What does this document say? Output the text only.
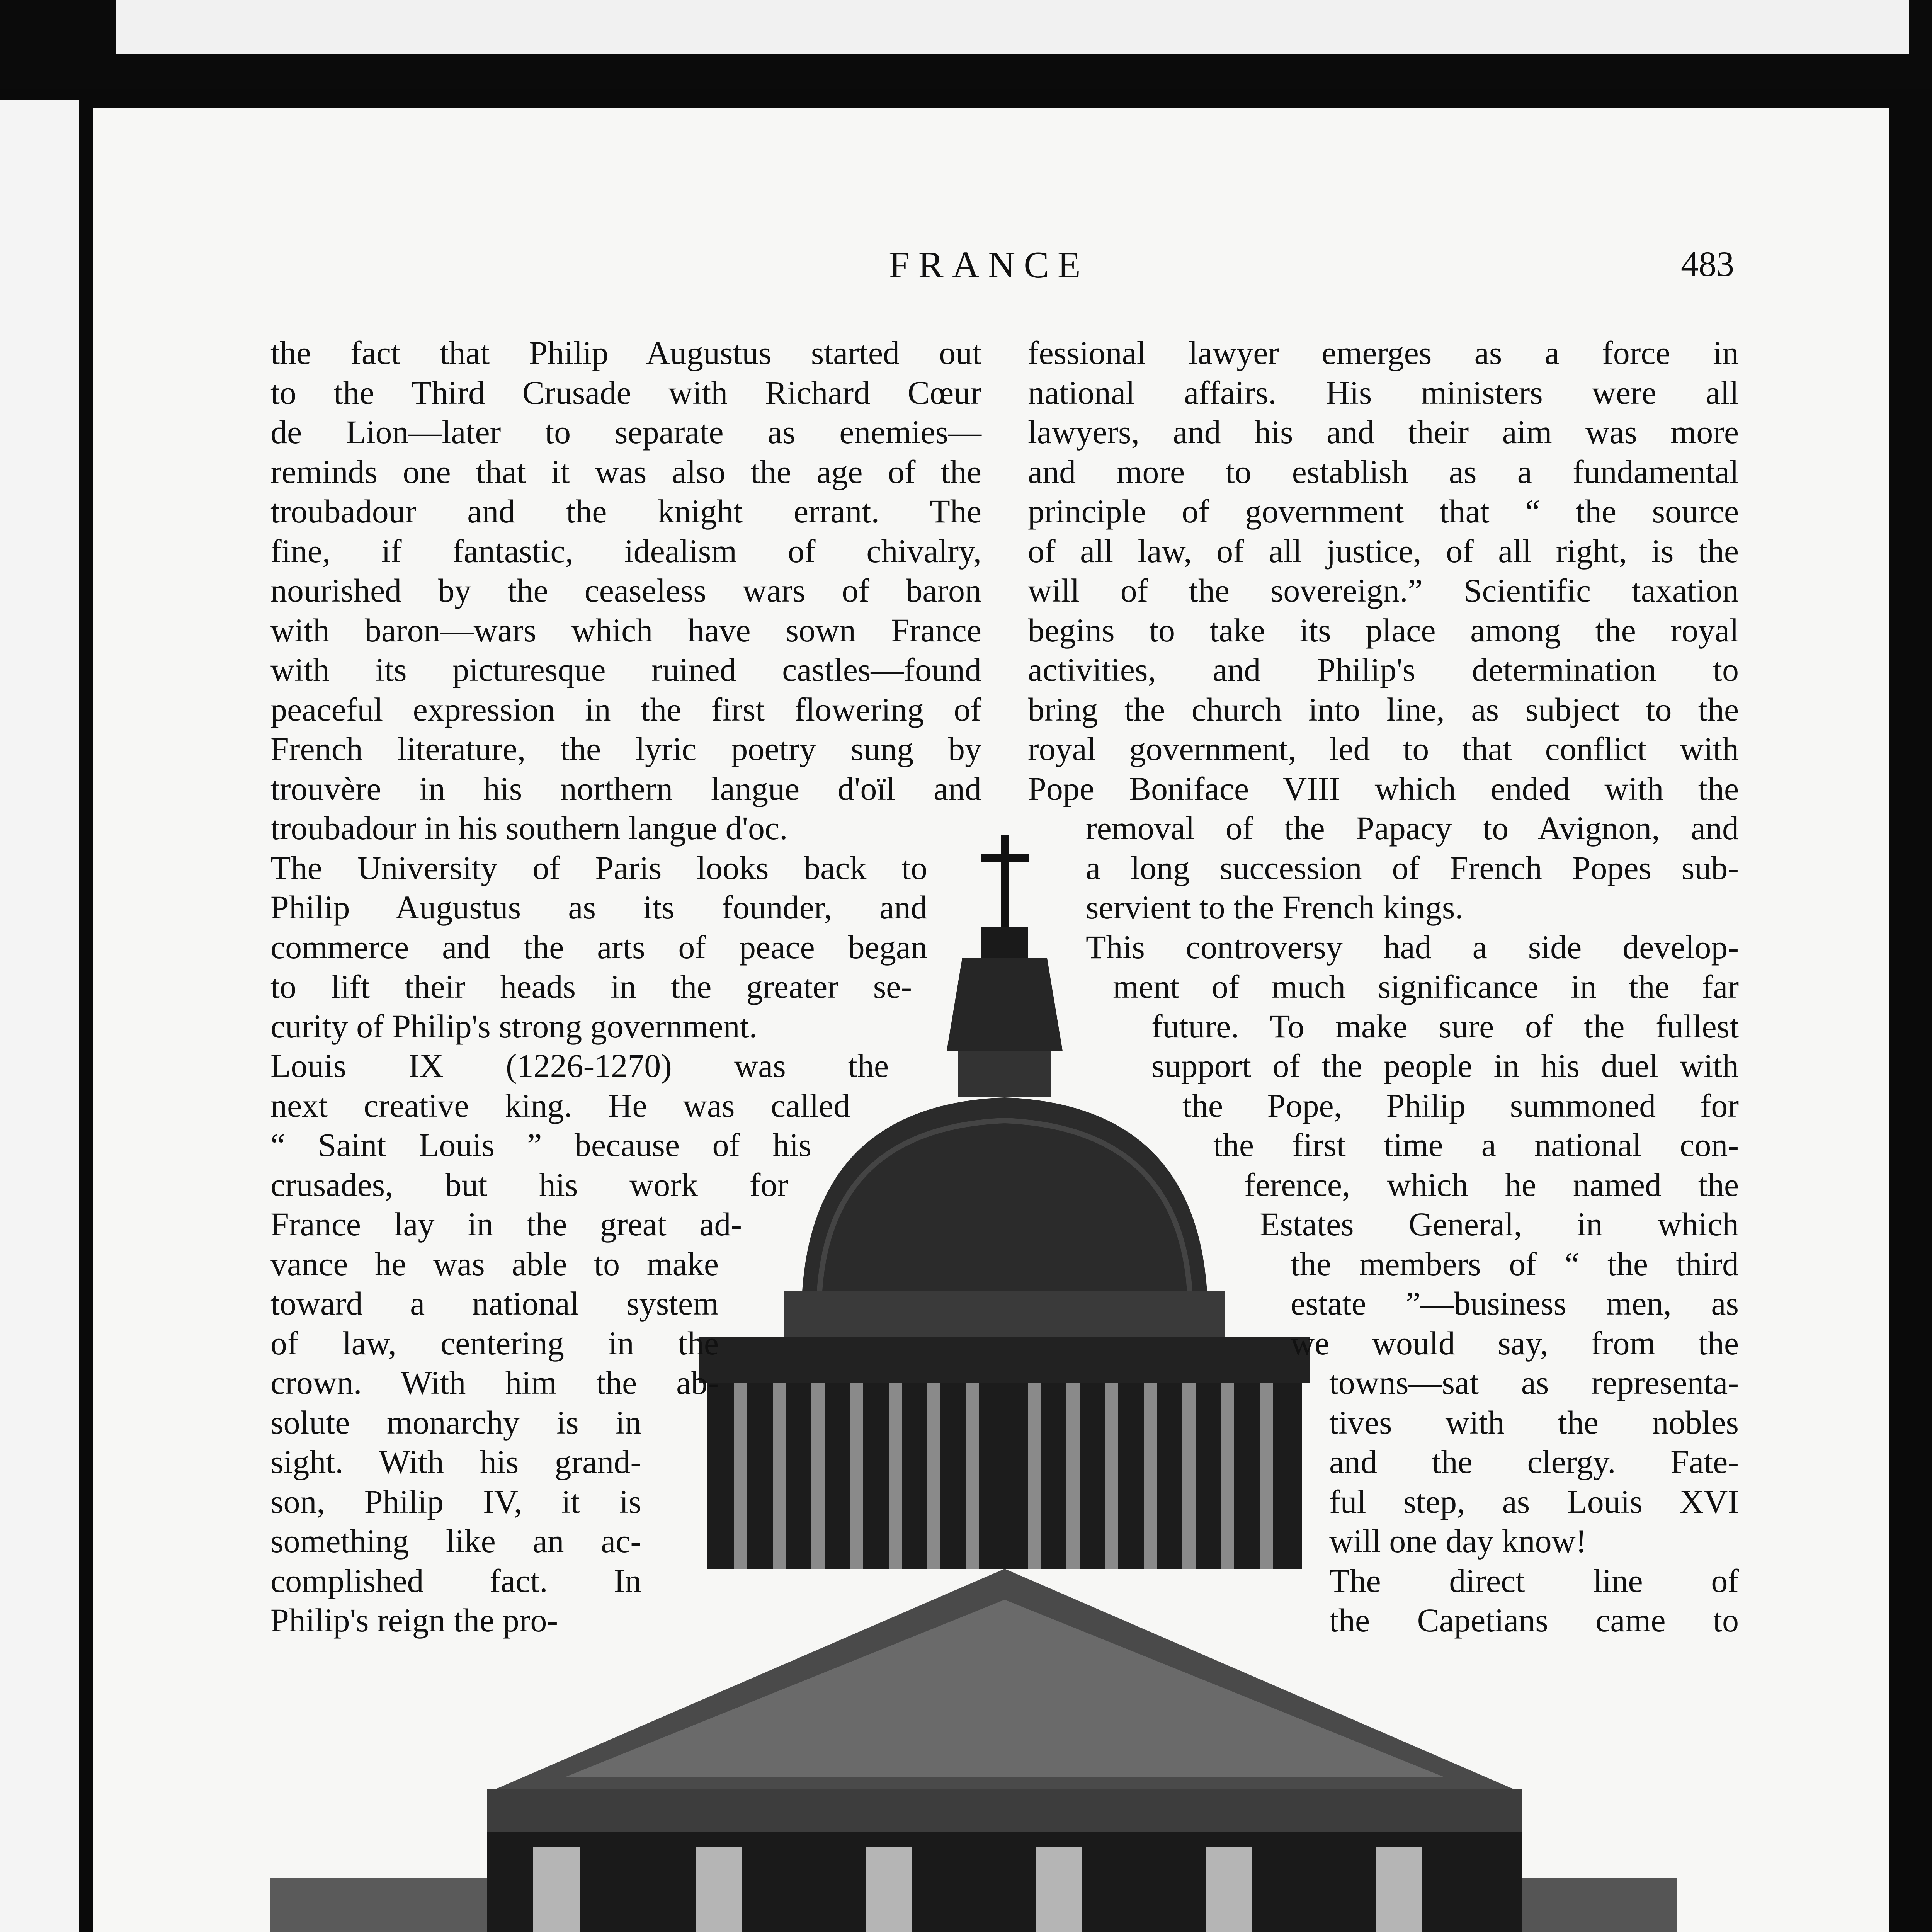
FRANCE	483
the fact that Philip Augustus started out
to the Third Crusade with Richard Cœur
de Lion—later to separate as enemies—
reminds one that it was also the age of the
troubadour and the knight errant. The
fine, if fantastic, idealism of chivalry,
nourished by the ceaseless wars of baron
with baron—wars which have sown France
with its picturesque ruined castles—found
peaceful expression in the first flowering of
French literature, the lyric poetry sung by
trouvère in his northern langue d'oïl and
troubadour in his southern langue d'oc.
The University of Paris looks back to
Philip Augustus as its founder, and
commerce and the arts of peace began
to lift their heads in the greater se-
curity of Philip's strong government.
Louis IX (1226-1270) was the
next creative king. He was called
“ Saint Louis ” because of his
crusades, but his work for
France lay in the great ad-
vance he was able to make
toward a national system
of law, centering in the
crown. With him the ab-
solute monarchy is in
sight. With his grand-
son, Philip IV, it is
something like an ac-
complished fact. In
Philip's reign the pro-
fessional lawyer emerges as a force in
national affairs. His ministers were all
lawyers, and his and their aim was more
and more to establish as a fundamental
principle of government that “ the source
of all law, of all justice, of all right, is the
will of the sovereign.” Scientific taxation
begins to take its place among the royal
activities, and Philip's determination to
bring the church into line, as subject to the
royal government, led to that conflict with
Pope Boniface VIII which ended with the
removal of the Papacy to Avignon, and
a long succession of French Popes sub-
servient to the French kings.
This controversy had a side develop-
ment of much significance in the far
future. To make sure of the fullest
support of the people in his duel with
the Pope, Philip summoned for
the first time a national con-
ference, which he named the
Estates General, in which
the members of “ the third
estate ”—business men, as
we would say, from the
towns—sat as representa-
tives with the nobles
and the clergy. Fate-
ful step, as Louis XVI
will one day know!
The direct line of
the Capetians came to
